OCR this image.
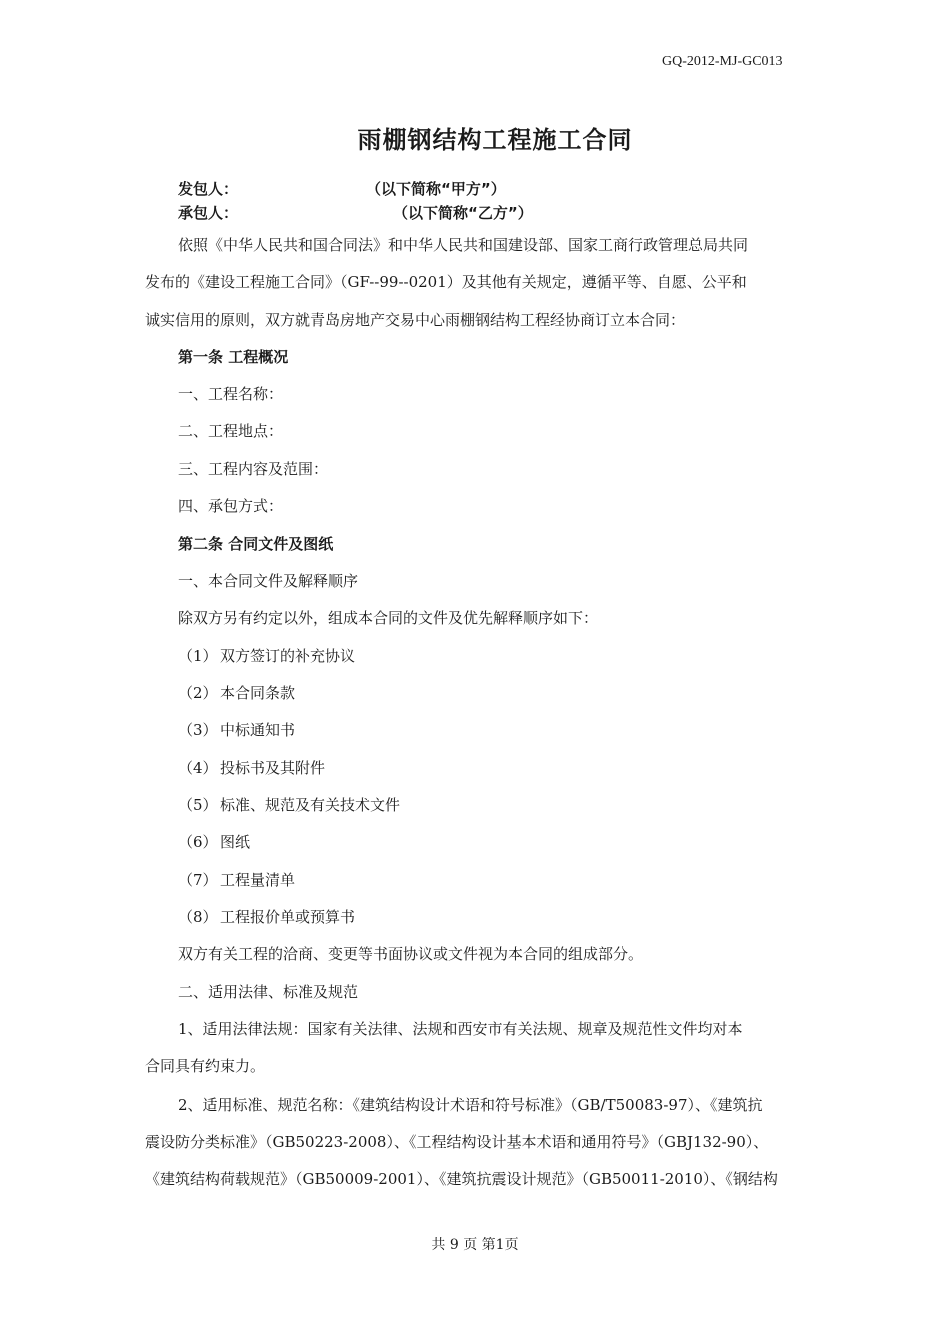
GQ-2012-MJ-GC013
雨棚钢结构工程施工合同
发包人：	（以下简称“甲方”）
承包人：	（以下简称“乙方”）
依照《中华人民共和国合同法》和中华人民共和国建设部、国家工商行政管理总局共同
发布的《建设工程施工合同》（GF--99--0201）及其他有关规定，遵循平等、自愿、公平和
诚实信用的原则，双方就青岛房地产交易中心雨棚钢结构工程经协商订立本合同：
第一条 工程概况
一、工程名称：
二、工程地点：
三、工程内容及范围：
四、承包方式：
第二条 合同文件及图纸
一、本合同文件及解释顺序
除双方另有约定以外，组成本合同的文件及优先解释顺序如下：
（1） 双方签订的补充协议
（2） 本合同条款
（3） 中标通知书
（4） 投标书及其附件
（5） 标准、规范及有关技术文件
（6） 图纸
（7） 工程量清单
（8） 工程报价单或预算书
双方有关工程的洽商、变更等书面协议或文件视为本合同的组成部分。
二、适用法律、标准及规范
1、适用法律法规：国家有关法律、法规和西安市有关法规、规章及规范性文件均对本
合同具有约束力。
2、适用标准、规范名称：《建筑结构设计术语和符号标准》（GB/T50083-97）、《建筑抗
震设防分类标准》（GB50223-2008）、《工程结构设计基本术语和通用符号》（GBJ132-90）、
《建筑结构荷载规范》（GB50009-2001）、《建筑抗震设计规范》（GB50011-2010）、《钢结构
共 9 页 第1页
